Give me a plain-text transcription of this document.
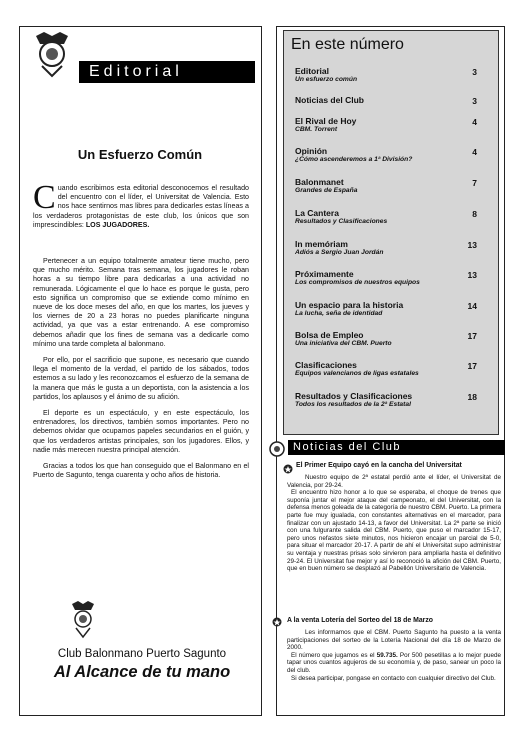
Editorial
Un Esfuerzo Común
Cuando escribimos esta editorial desconocemos el resultado del encuentro con el líder, el Universitat de Valencia. Esto nos hace sentirnos mas libres para dedicarles estas líneas a los verdaderos protagonistas de este club, los únicos que son imprescindibles: LOS JUGADORES.

Pertenecer a un equipo totalmente amateur tiene mucho, pero que mucho mérito. Semana tras semana, los jugadores le roban horas a su tiempo libre para dedicarlas a una actividad no remunerada. Lógicamente el que lo hace es porque le gusta, pero esto significa un compromiso que se extiende como mínimo en nueve de los doce meses del año, en que los martes, los jueves y los viernes de 20 a 23 horas no puedes planificarte ninguna actividad, ya que vas a estar entrenando. A ese compromiso debemos añadir que los fines de semana vas a dedicarle como mínimo una tarde completa al balonmano.

Por ello, por el sacrificio que supone, es necesario que cuando llega el momento de la verdad, el partido de los sábados, todos estemos a su lado y les reconozcamos el esfuerzo de la semana de la manera que más le gusta a un deportista, con la asistencia a los partidos, los aplausos y el ánimo de su afición.

El deporte es un espectáculo, y en este espectáculo, los entrenadores, los directivos, también somos importantes. Pero no debemos olvidar que ocupamos papeles secundarios en el guión, y que los verdaderos artistas principales, son los jugadores. Ellos, y nadie más merecen nuestra principal atención.

Gracias a todos los que han conseguido que el Balonmano en el Puerto de Sagunto, tenga cuarenta y ocho años de historia.

Club Balonmano Puerto Sagunto
Al Alcance de tu mano
En este número
Editorial
Un esfuerzo común
3
Noticias del Club	3
El Rival de Hoy
CBM. Torrent
4
Opinión
¿Cómo ascenderemos a 1ª División?
4
Balonmanet
Grandes de España
7
La Cantera
Resultados y Clasificaciones
8
In memóriam
Adiós a Sergio Juan Jordán
13
Próximamente
Los compromisos de nuestros equipos
13
Un espacio para la historia
La lucha, seña de identidad
14
Bolsa de Empleo
Una iniciativa del CBM. Puerto
17
Clasificaciones
Equipos valencianos de ligas estatales
17
Resultados y Clasificaciones
Todos los resultados de la 2ª Estatal
18
Noticias del Club
El Primer Equipo cayó en la cancha del Universitat
Nuestro equipo de 2ª estatal perdió ante el líder, el Universitat de Valencia, por 29-24.
El encuentro hizo honor a lo que se esperaba, el choque de trenes que suponía juntar el mejor ataque del campeonato, el del Universitat, con la defensa menos goleada de la categoría de nuestro CBM. Puerto. La primera parte fue muy igualada, con constantes alternativas en el marcador, para finalizar con un ajustado 14-13, a favor del Universitat. La 2ª parte se inició con una fulgurante salida del CBM. Puerto, que puso el marcador 15-17, pero unos nefastos siete minutos, nos hicieron encajar un parcial de 5-0, para situar el marcador 20-17. A partir de ahí el Universitat supo administrar su ventaja y nuestras prisas solo sirvieron para ampliarla hasta el definitivo 29-24. El Universitat fue mejor y así lo reconoció la afición del CBM. Puerto, que en buen número se desplazó al Pabellón Universitario de Valencia.
A la venta Lotería del Sorteo del 18 de Marzo
Les informamos que el CBM. Puerto Sagunto ha puesto a la venta participaciones del sorteo de la Lotería Nacional del día 18 de Marzo de 2000.
El número que jugamos es el 59.735. Por 500 pesetillas a lo mejor puede tapar unos cuantos agujeros de su economía y, de paso, sanear un poco la del club.
Si desea participar, pongase en contacto con cualquier directivo del Club.
